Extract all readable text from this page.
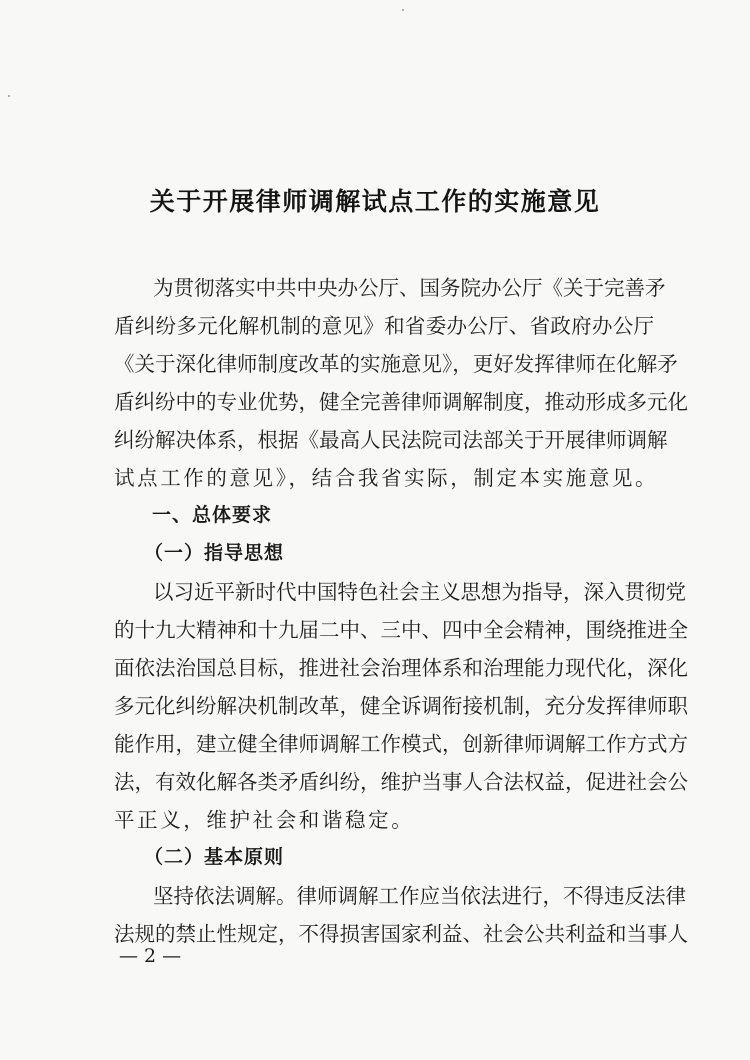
关于开展律师调解试点工作的实施意见
为贯彻落实中共中央办公厅、国务院办公厅《关于完善矛
盾纠纷多元化解机制的意见》和省委办公厅、省政府办公厅
《关于深化律师制度改革的实施意见》，更好发挥律师在化解矛
盾纠纷中的专业优势，健全完善律师调解制度，推动形成多元化
纠纷解决体系，根据《最高人民法院司法部关于开展律师调解
试点工作的意见》，结合我省实际，制定本实施意见。
一、总体要求
（一）指导思想
以习近平新时代中国特色社会主义思想为指导，深入贯彻党
的十九大精神和十九届二中、三中、四中全会精神，围绕推进全
面依法治国总目标，推进社会治理体系和治理能力现代化，深化
多元化纠纷解决机制改革，健全诉调衔接机制，充分发挥律师职
能作用，建立健全律师调解工作模式，创新律师调解工作方式方
法，有效化解各类矛盾纠纷，维护当事人合法权益，促进社会公
平正义，维护社会和谐稳定。
（二）基本原则
坚持依法调解。律师调解工作应当依法进行，不得违反法律
法规的禁止性规定，不得损害国家利益、社会公共利益和当事人
— 2 —
